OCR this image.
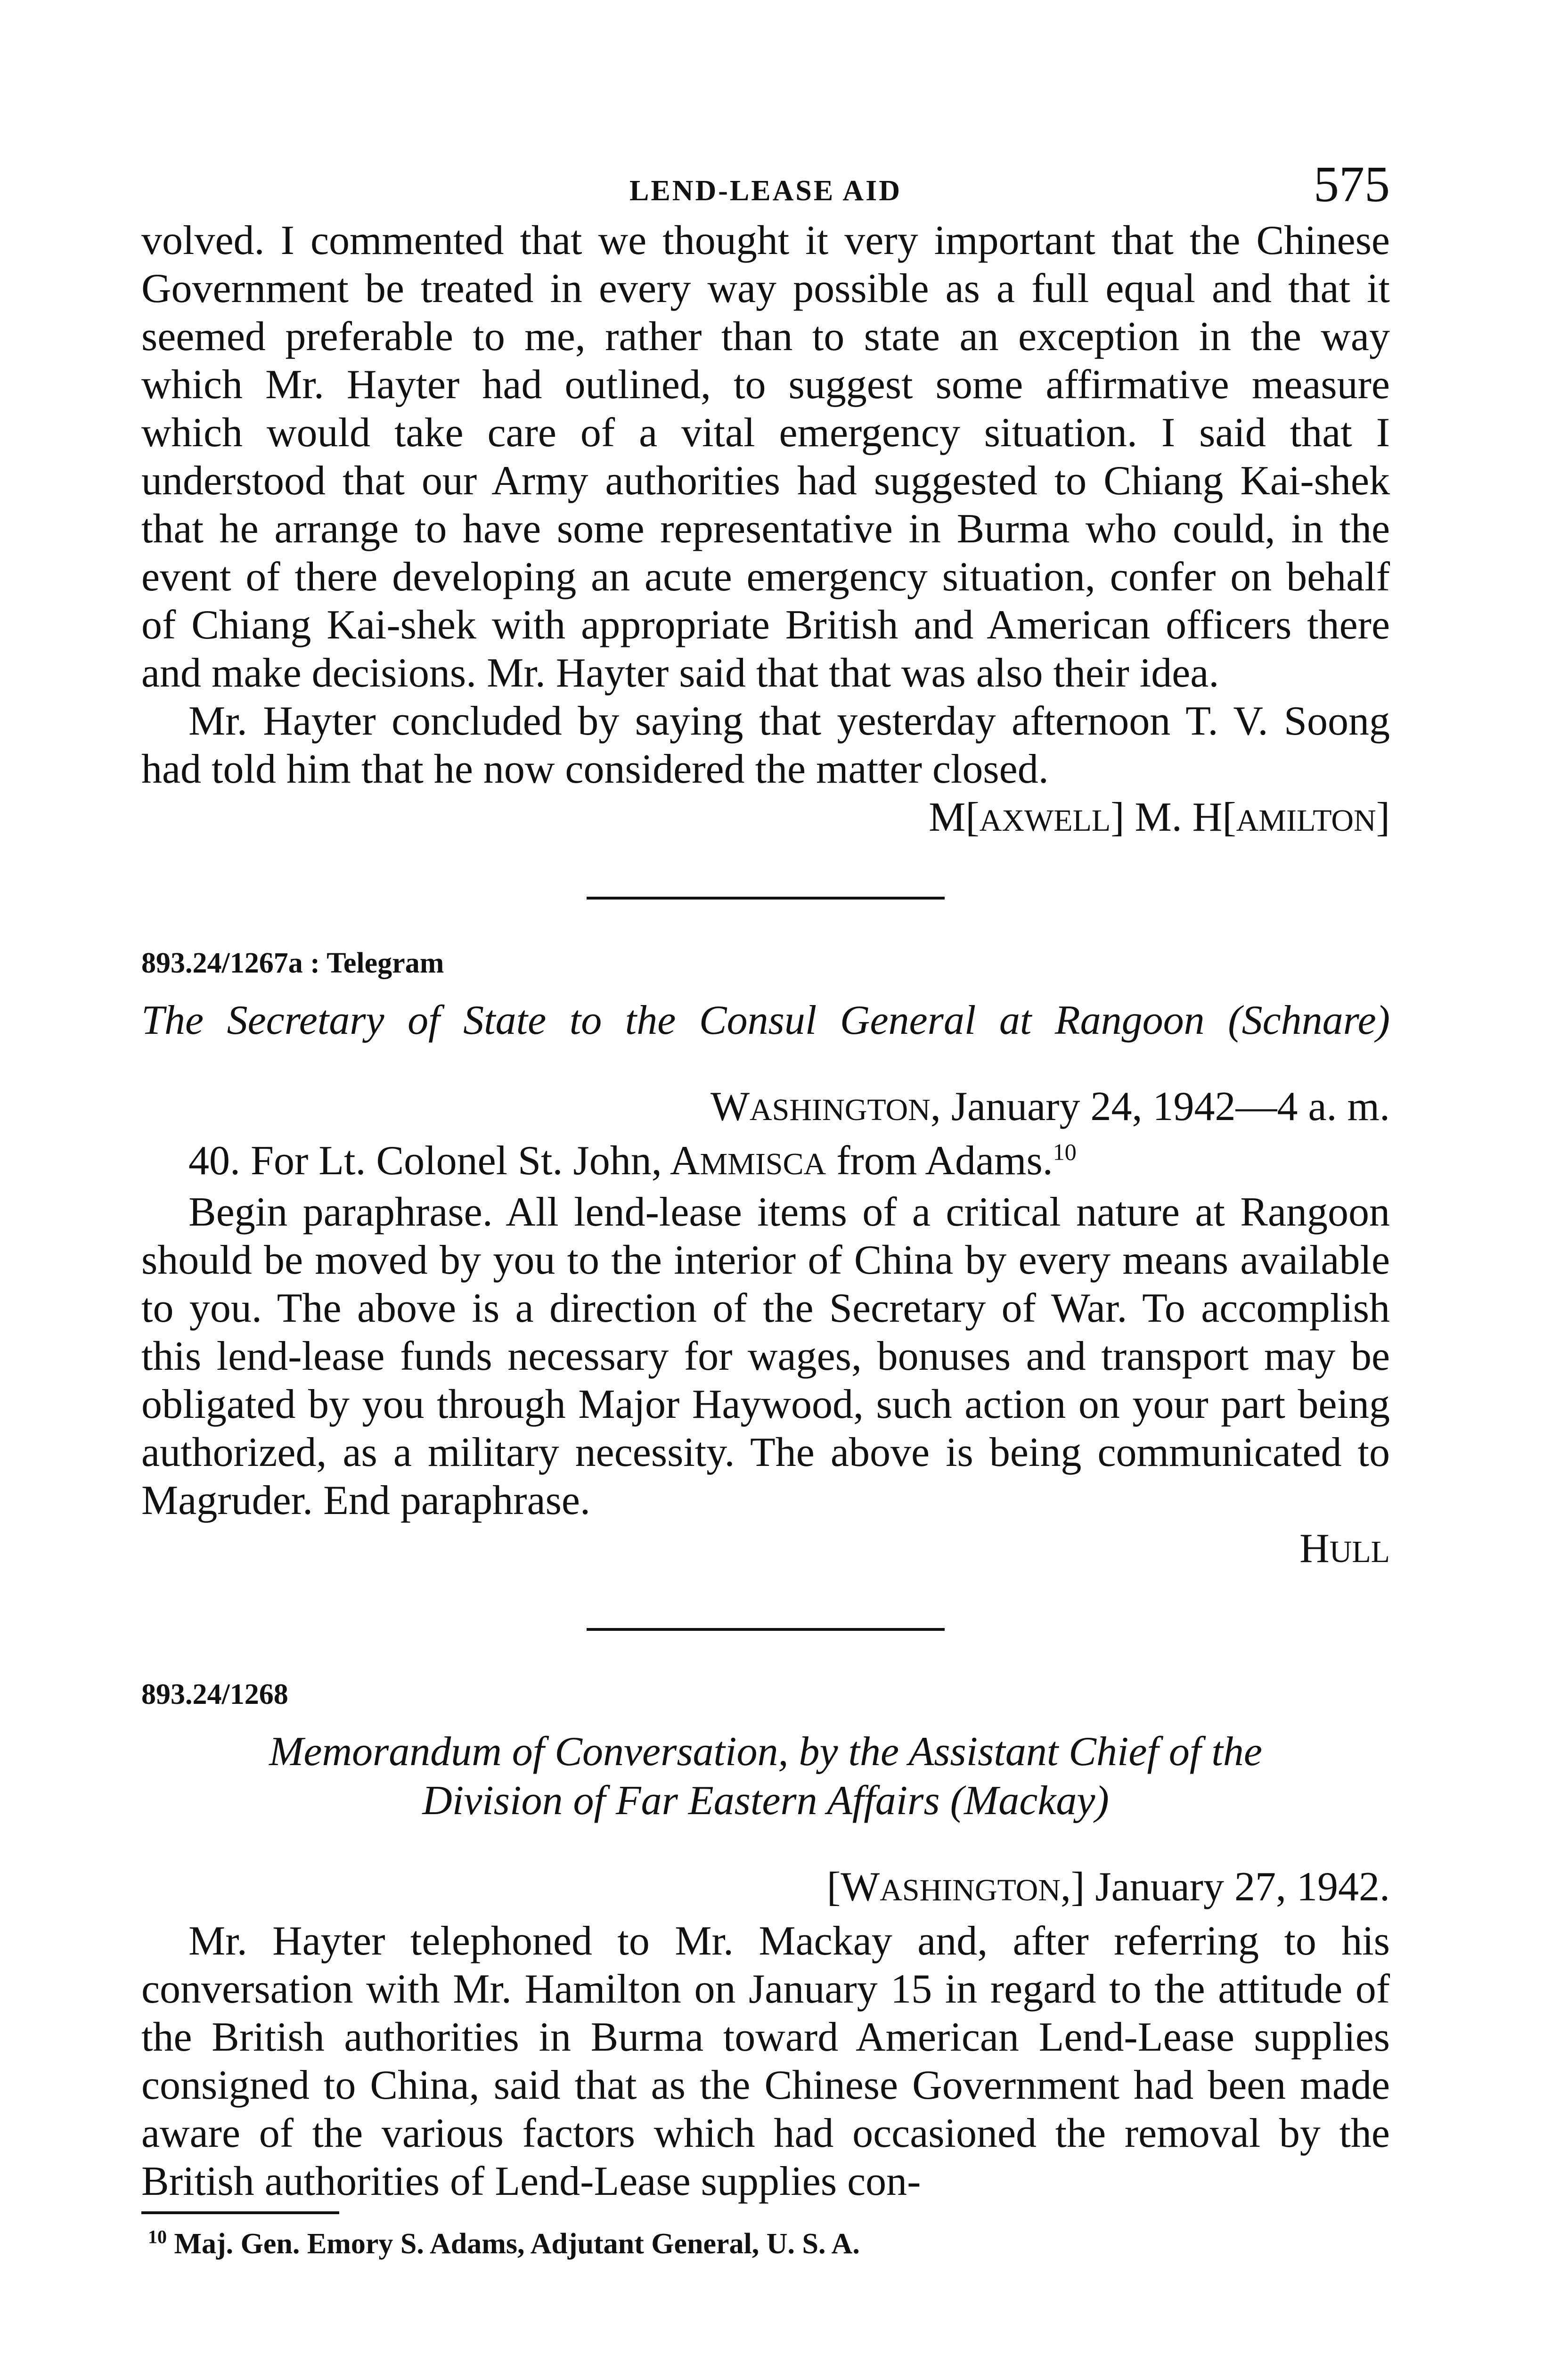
LEND-LEASE AID	575

volved. I commented that we thought it very important that the Chinese Government be treated in every way possible as a full equal and that it seemed preferable to me, rather than to state an exception in the way which Mr. Hayter had outlined, to suggest some affirmative measure which would take care of a vital emergency situation. I said that I understood that our Army authorities had suggested to Chiang Kai-shek that he arrange to have some representative in Burma who could, in the event of there developing an acute emergency situation, confer on behalf of Chiang Kai-shek with appropriate British and American officers there and make decisions. Mr. Hayter said that that was also their idea.

Mr. Hayter concluded by saying that yesterday afternoon T. V. Soong had told him that he now considered the matter closed.

M[AXWELL] M. H[AMILTON]
893.24/1267a : Telegram
The Secretary of State to the Consul General at Rangoon (Schnare)
WASHINGTON, January 24, 1942—4 a. m.

40. For Lt. Colonel St. John, AMMISCA from Adams.$^{10}$

Begin paraphrase. All lend-lease items of a critical nature at Rangoon should be moved by you to the interior of China by every means available to you. The above is a direction of the Secretary of War. To accomplish this lend-lease funds necessary for wages, bonuses and transport may be obligated by you through Major Haywood, such action on your part being authorized, as a military necessity. The above is being communicated to Magruder. End paraphrase.

HULL
893.24/1268
Memorandum of Conversation, by the Assistant Chief of the
Division of Far Eastern Affairs (Mackay)
[WASHINGTON,] January 27, 1942.

Mr. Hayter telephoned to Mr. Mackay and, after referring to his conversation with Mr. Hamilton on January 15 in regard to the attitude of the British authorities in Burma toward American Lend-Lease supplies consigned to China, said that as the Chinese Government had been made aware of the various factors which had occasioned the removal by the British authorities of Lend-Lease supplies con-

$^{10}$ Maj. Gen. Emory S. Adams, Adjutant General, U. S. A.
